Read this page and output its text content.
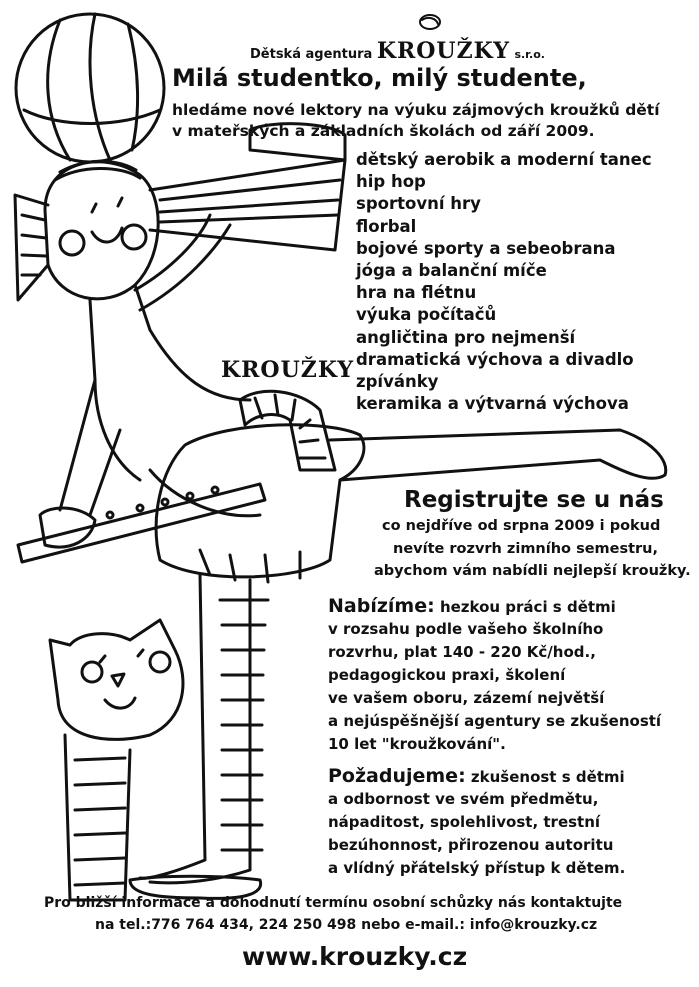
Dětská agentura KROUŽKY s.r.o.

Milá studentko, milý studente,

hledáme nové lektory na výuku zájmových kroužků dětí

v mateřských a základních školách od září 2009.

dětský aerobik a moderní tanec
hip hop
sportovní hry
florbal
bojové sporty a sebeobrana
jóga a balanční míče
hra na flétnu
výuka počítačů
angličtina pro nejmenší
dramatická výchova a divadlo
zpívánky
keramika a výtvarná výchova

KROUŽKY

Registrujte se u nás

co nejdříve od srpna 2009 i pokud

nevíte rozvrh zimního semestru,

abychom vám nabídli nejlepší kroužky.

Nabízíme: hezkou práci s dětmi

v rozsahu podle vašeho školního

rozvrhu, plat 140 - 220 Kč/hod.,

pedagogickou praxi, školení

ve vašem oboru, zázemí největší

a nejúspěšnější agentury se zkušeností

10 let "kroužkování".

Požadujeme: zkušenost s dětmi

a odbornost ve svém předmětu,

nápaditost, spolehlivost, trestní

bezúhonnost, přirozenou autoritu

a vlídný přátelský přístup k dětem.

Pro bližší informace a dohodnutí termínu osobní schůzky nás kontaktujte

na tel.:776 764 434, 224 250 498 nebo e-mail.: info@krouzky.cz

www.krouzky.cz
